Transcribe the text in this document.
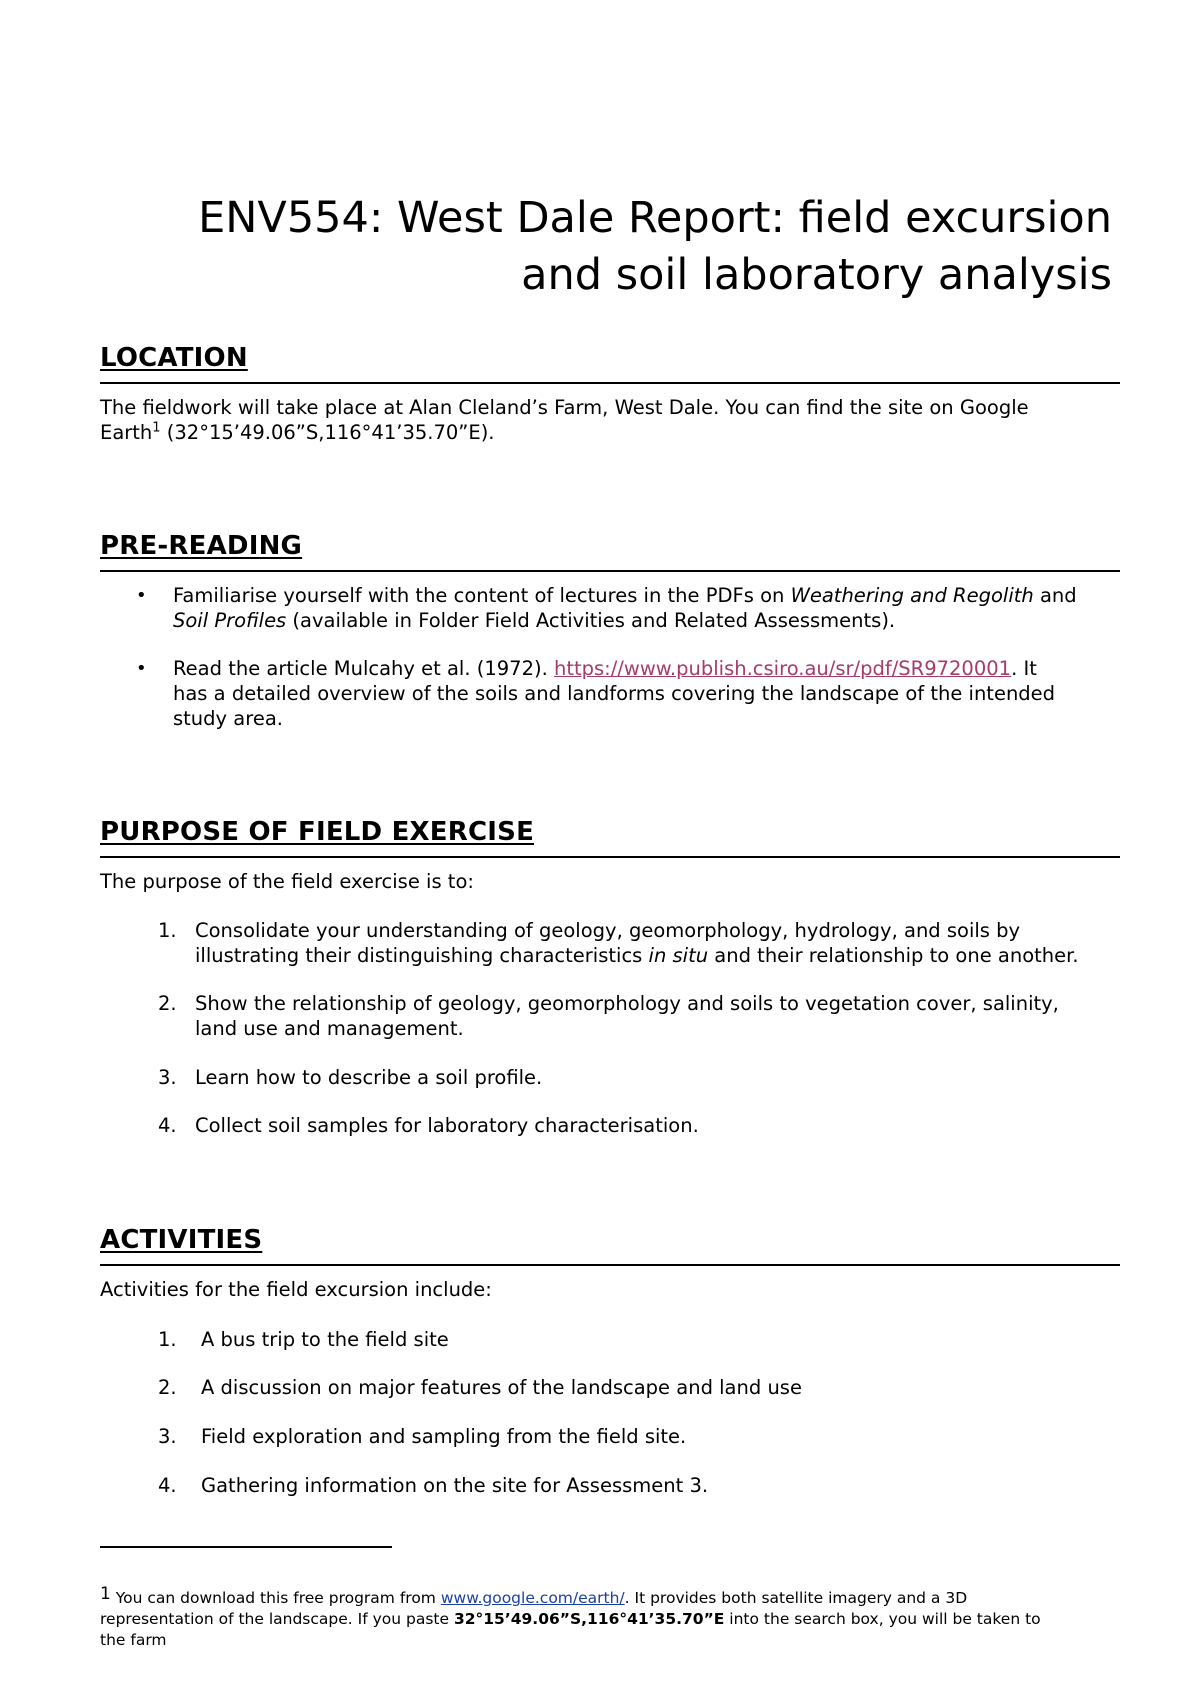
ENV554: West Dale Report: field excursion
and soil laboratory analysis
LOCATION
The fieldwork will take place at Alan Cleland’s Farm, West Dale. You can find the site on Google
Earth$^1$ (32°15’49.06”S,116°41’35.70”E).
PRE-READING
• Familiarise yourself with the content of lectures in the PDFs on Weathering and Regolith and
Soil Profiles (available in Folder Field Activities and Related Assessments).
• Read the article Mulcahy et al. (1972). https://www.publish.csiro.au/sr/pdf/SR9720001. It
has a detailed overview of the soils and landforms covering the landscape of the intended
study area.
PURPOSE OF FIELD EXERCISE
The purpose of the field exercise is to:
1. Consolidate your understanding of geology, geomorphology, hydrology, and soils by
illustrating their distinguishing characteristics in situ and their relationship to one another.
2. Show the relationship of geology, geomorphology and soils to vegetation cover, salinity,
land use and management.
3. Learn how to describe a soil profile.
4. Collect soil samples for laboratory characterisation.
ACTIVITIES
Activities for the field excursion include:
1. A bus trip to the field site
2. A discussion on major features of the landscape and land use
3. Field exploration and sampling from the field site.
4. Gathering information on the site for Assessment 3.
1 You can download this free program from www.google.com/earth/. It provides both satellite imagery and a 3D
representation of the landscape. If you paste 32°15’49.06”S,116°41’35.70”E into the search box, you will be taken to
the farm
